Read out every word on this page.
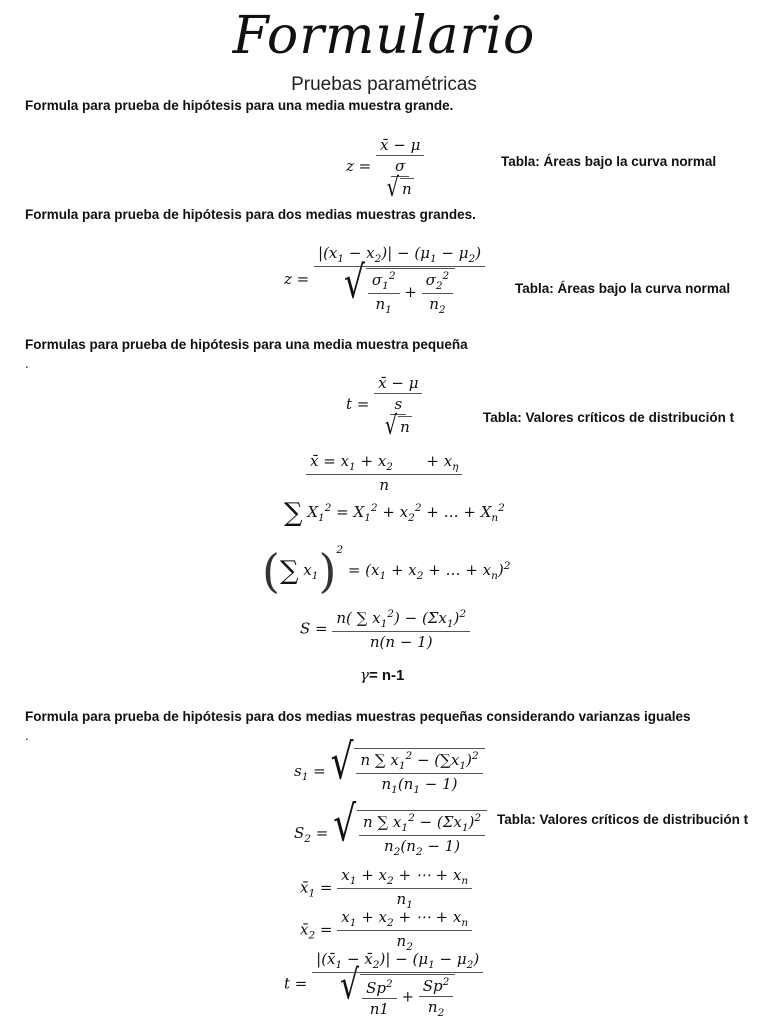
Formulario
Pruebas paramétricas
Formula para prueba de hipótesis para una media muestra grande.
$z = \frac{x̄ - \mu}{\frac{\sigma}{√ n}}$	Tabla: Áreas bajo la curva normal
Formula para prueba de hipótesis para dos medias muestras grandes.
$z = \frac{|(x_1 - x_2)| - (\mu_1 - \mu_2)}{√ \frac{\sigma_1^2}{n_1} + \frac{\sigma_2^2}{n_2}}$ Tabla: Áreas bajo la curva normal
Formulas para prueba de hipótesis para una media muestra pequeña
.
$t = \frac{x̄ - \mu}{\frac{s}{√ n}}$	Tabla: Valores críticos de distribución t
$\frac{x̄ = x_1 + x_2 + x_\eta}{n}$
∑ $X_1^2 = X_1^2 + x_2^2$ + … + $X_n^2$
(∑ $x_1)^2 = (x_1 + x_2$ + … + $x_n)^2$
$S = \frac{n( \sum x_1^2) - (\Sigma x_1)^2}{n(n - 1)}$
γ= n-1
Formula para prueba de hipótesis para dos medias muestras pequeñas considerando varianzas iguales
.
$s_1$ = √ $\frac{n \sum x_1^2 - (\sum x_1)^2}{n_1(n_1 - 1)}$
$S_2$ = √ $\frac{n \sum x_1^2 - (\Sigma x_1)^2}{n_2(n_2 - 1)}$ Tabla: Valores críticos de distribución t
$x̄_1 = \frac{x_1 + x_2 + \cdots + x_n}{n_1}$
$x̄_2 = \frac{x_1 + x_2 + \cdots + x_n}{n_2}$
$t = \frac{|(x̄_1 - x̄_2)| - (\mu_1 - \mu_2)}{√ \frac{Sp^2}{n1} + \frac{Sp^2}{n_2}}$
